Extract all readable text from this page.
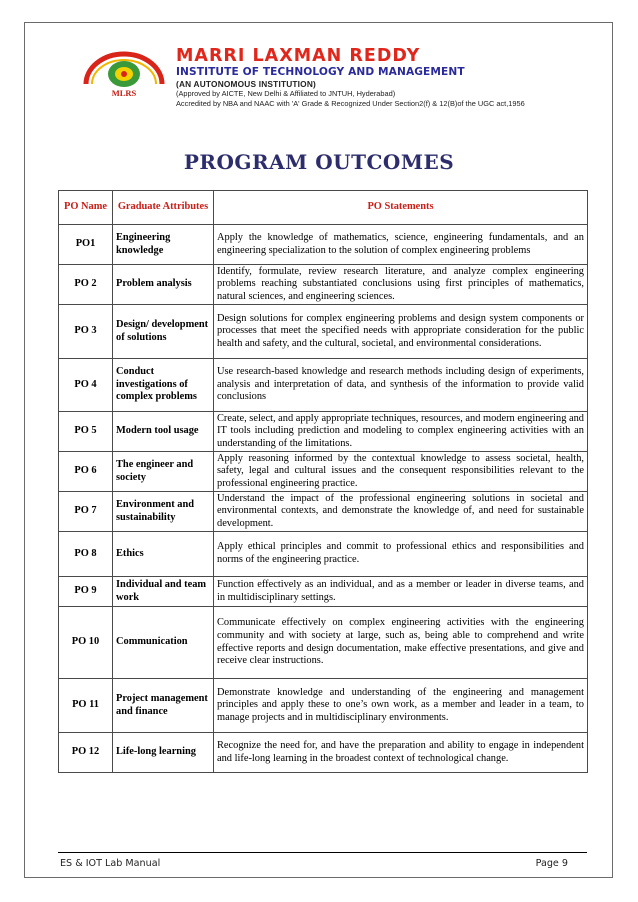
MLRS
MARRI LAXMAN REDDY
INSTITUTE OF TECHNOLOGY AND MANAGEMENT
(AN AUTONOMOUS INSTITUTION)
(Approved by AICTE, New Delhi & Affiliated to JNTUH, Hyderabad)
Accredited by NBA and NAAC with 'A' Grade & Recognized Under Section2(f) & 12(B)of the UGC act,1956
PROGRAM OUTCOMES
PO Name	Graduate Attributes	PO Statements
PO1	Engineering knowledge	Apply the knowledge of mathematics, science, engineering fundamentals, and an engineering specialization to the solution of complex engineering problems
PO 2	Problem analysis	Identify, formulate, review research literature, and analyze complex engineering problems reaching substantiated conclusions using first principles of mathematics, natural sciences, and engineering sciences.
PO 3	Design/ development of solutions	Design solutions for complex engineering problems and design system components or processes that meet the specified needs with appropriate consideration for the public health and safety, and the cultural, societal, and environmental considerations.
PO 4	Conduct investigations of complex problems	Use research-based knowledge and research methods including design of experiments, analysis and interpretation of data, and synthesis of the information to provide valid conclusions
PO 5	Modern tool usage	Create, select, and apply appropriate techniques, resources, and modern engineering and IT tools including prediction and modeling to complex engineering activities with an understanding of the limitations.
PO 6	The engineer and society	Apply reasoning informed by the contextual knowledge to assess societal, health, safety, legal and cultural issues and the consequent responsibilities relevant to the professional engineering practice.
PO 7	Environment and sustainability	Understand the impact of the professional engineering solutions in societal and environmental contexts, and demonstrate the knowledge of, and need for sustainable development.
PO 8	Ethics	Apply ethical principles and commit to professional ethics and responsibilities and norms of the engineering practice.
PO 9	Individual and team work	Function effectively as an individual, and as a member or leader in diverse teams, and in multidisciplinary settings.
PO 10	Communication	Communicate effectively on complex engineering activities with the engineering community and with society at large, such as, being able to comprehend and write effective reports and design documentation, make effective presentations, and give and receive clear instructions.
PO 11	Project management and finance	Demonstrate knowledge and understanding of the engineering and management principles and apply these to one’s own work, as a member and leader in a team, to manage projects and in multidisciplinary environments.
PO 12	Life-long learning	Recognize the need for, and have the preparation and ability to engage in independent and life-long learning in the broadest context of technological change.
ES & IOT Lab Manual	Page 9
